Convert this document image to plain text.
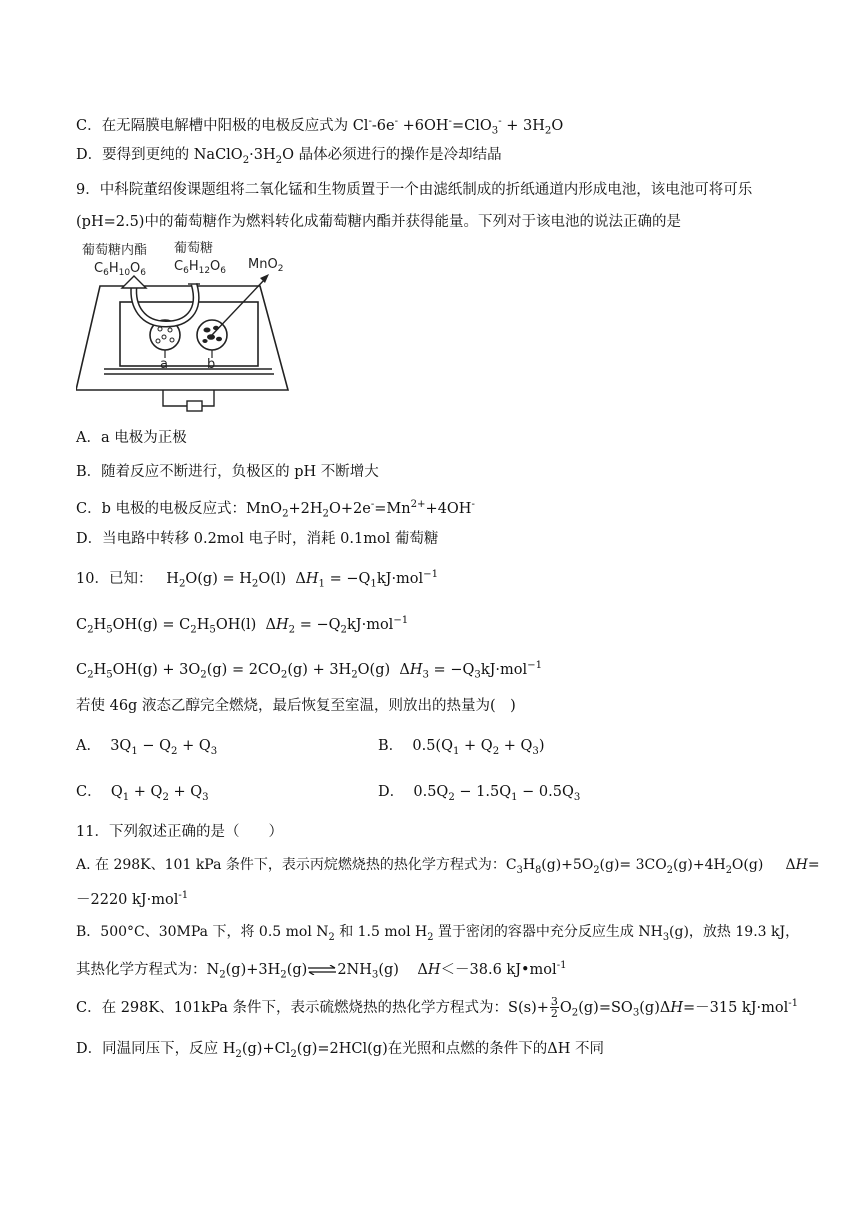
C．在无隔膜电解槽中阳极的电极反应式为 $Cl^--6e^- +6OH^-=ClO_3^- + 3H_2O$
D．要得到更纯的 $NaClO_2\cdot 3H_2O$ 晶体必须进行的操作是冷却结晶
9．中科院董绍俊课题组将二氧化锰和生物质置于一个由滤纸制成的折纸通道内形成电池，该电池可将可乐
(pH=2.5)中的葡萄糖作为燃料转化成葡萄糖内酯并获得能量。下列对于该电池的说法正确的是
a	b
葡萄糖内酯 葡萄糖
$C_6H_{10}O_6$ $C_6H_{12}O_6$ MnO$_2$
A．a 电极为正极
B．随着反应不断进行，负极区的 pH 不断增大
C．b 电极的电极反应式：$MnO_2+2H_2O+2e^-=Mn^{2+}+4OH^-$
D．当电路中转移 0.2mol 电子时，消耗 0.1mol 葡萄糖
10．已知：   $H_2O(g) = H_2O(l) \Delta H_1 = -Q_1kJ\cdot mol^{-1}$
$C_2H_5OH(g) = C_2H_5OH(l) \Delta H_2 = -Q_2kJ\cdot mol^{-1}$
$C_2H_5OH(g) + 3O_2(g) = 2CO_2(g) + 3H_2O(g) \Delta H_3 = -Q_3kJ\cdot mol^{-1}$
若使 46g 液态乙醇完全燃烧，最后恢复至室温，则放出的热量为(　)
A．  $3Q_1 - Q_2 + Q_3$	B．  $0.5(Q_1 + Q_2 + Q_3)$
C．  $Q_1 + Q_2 + Q_3$	D．  $0.5Q_2 - 1.5Q_1 - 0.5Q_3$
11．下列叙述正确的是（　　）
A. 在 298K、101 kPa 条件下，表示丙烷燃烧热的热化学方程式为：$C_3H_8(g)+5O_2(g)= 3CO_2(g)+4H_2O(g)$     ΔH=
－2220 kJ·mol$^{-1}$
B．500°C、30MPa 下，将 0.5 mol $N_2$ 和 1.5 mol $H_2$ 置于密闭的容器中充分反应生成 $NH_3(g)$，放热 19.3 kJ，
其热化学方程式为：$N_2(g)+3H_2(g)\rightleftharpoons 2NH_3(g)$    ΔH＜－38.6 kJ•mol$^{-1}$
C．在 298K、101kPa 条件下，表示硫燃烧热的热化学方程式为：$S(s)+ \frac{3}{2} O_2(g)=SO_3(g)\Delta H=-315$ kJ·mol$^{-1}$
D．同温同压下，反应 $H_2(g)+Cl_2(g)=2HCl(g)$在光照和点燃的条件下的ΔH 不同
